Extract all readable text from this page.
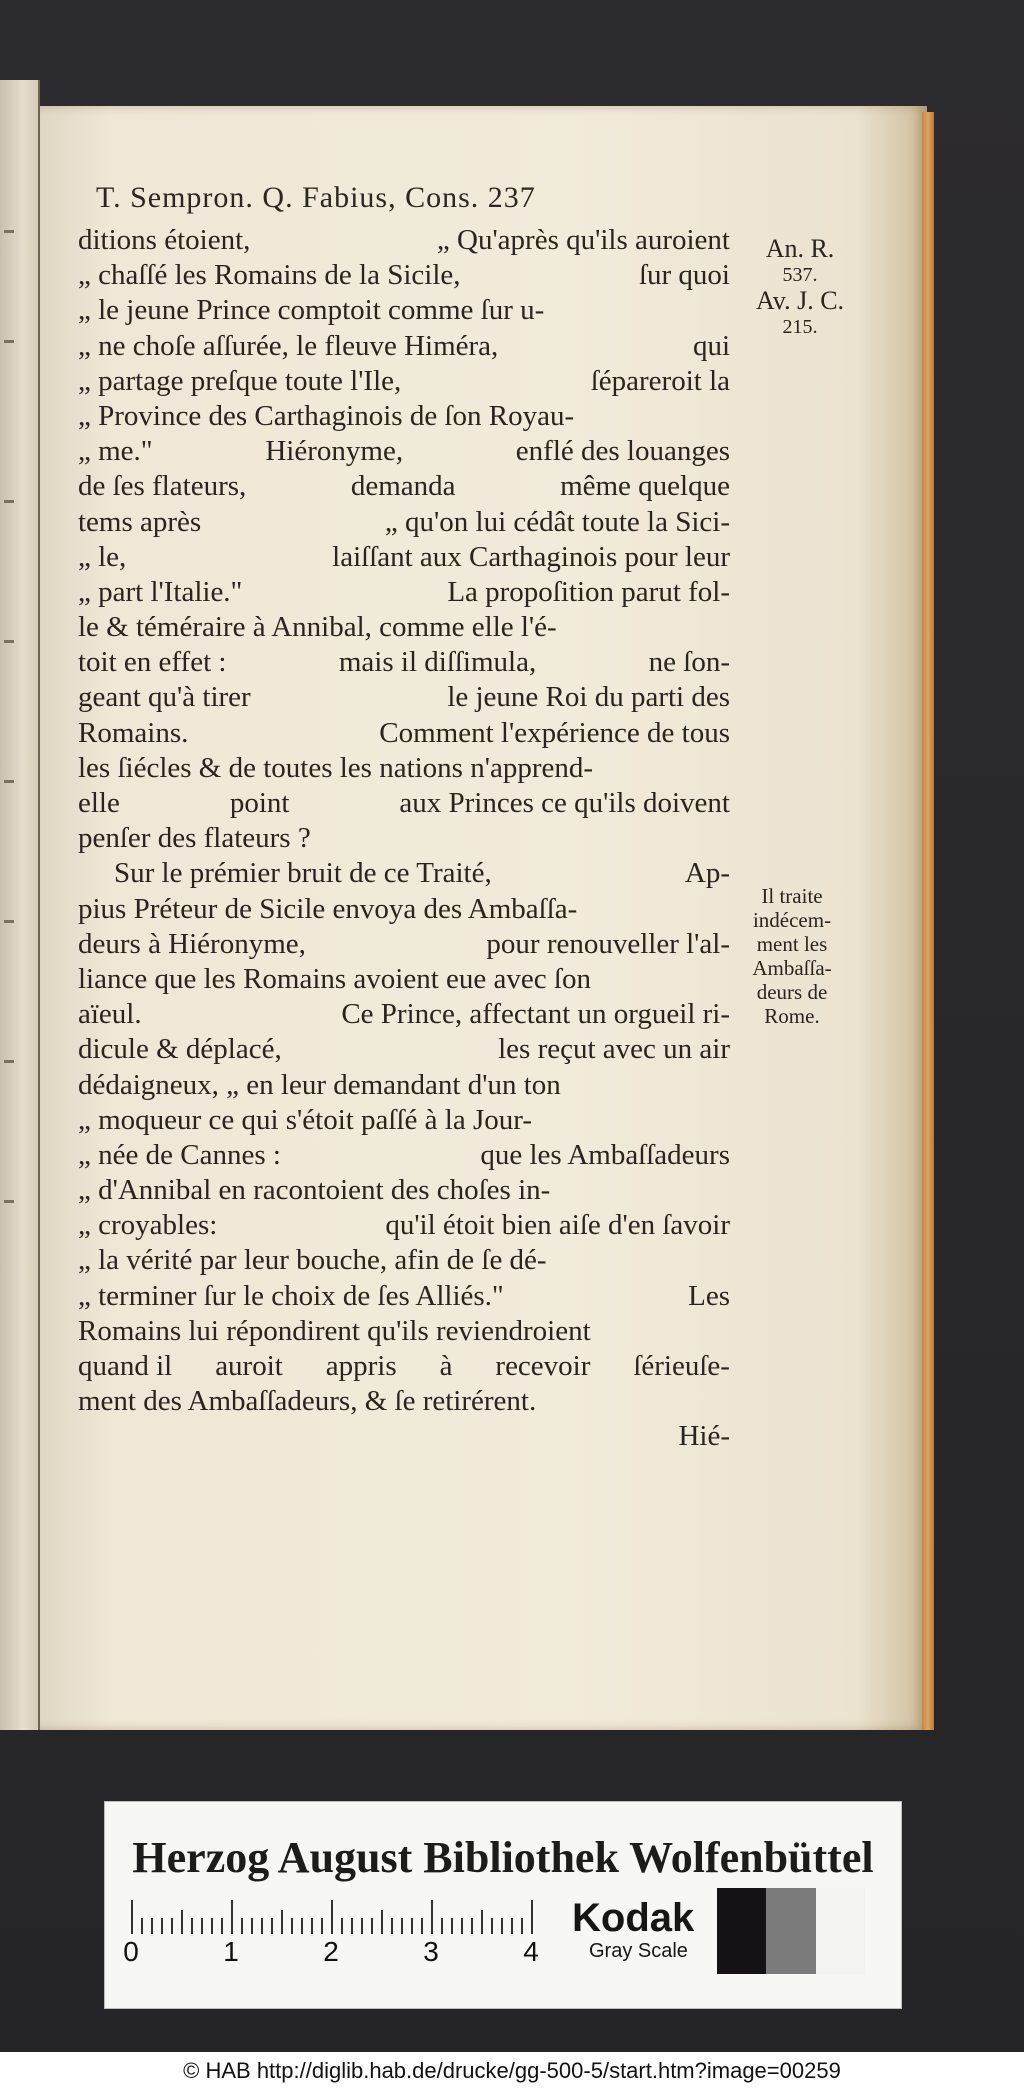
T. Sempron. Q. Fabius, Cons. 237
ditions étoient,	„ Qu'après qu'ils auroient
„ chaſſé les Romains de la Sicile,	ſur quoi
„ le jeune Prince comptoit comme ſur u-
„ ne choſe aſſurée, le fleuve Himéra,	qui
„ partage preſque toute l'Ile,	ſépareroit la
„ Province des Carthaginois de ſon Royau-
„ me."	Hiéronyme,	enflé des louanges
de ſes flateurs,	demanda	même quelque
tems après	„ qu'on lui cédât toute la Sici-
„ le,	laiſſant aux Carthaginois pour leur
„ part l'Italie."	La propoſition parut fol-
le & téméraire à Annibal, comme elle l'é-
toit en effet :	mais il diſſimula,	ne ſon-
geant qu'à tirer	le jeune Roi du parti des
Romains.	Comment l'expérience de tous
les ſiécles & de toutes les nations n'apprend-
elle	point	aux Princes ce qu'ils doivent
penſer des flateurs ?
Sur le prémier bruit de ce Traité,	Ap-
pius Préteur de Sicile envoya des Ambaſſa-
deurs à Hiéronyme,	pour renouveller l'al-
liance que les Romains avoient eue avec ſon
aïeul.	Ce Prince, affectant un orgueil ri-
dicule & déplacé,	les reçut avec un air
dédaigneux, „ en leur demandant d'un ton
„ moqueur ce qui s'étoit paſſé à la Jour-
„ née de Cannes :	que les Ambaſſadeurs
„ d'Annibal en racontoient des choſes in-
„ croyables:	qu'il étoit bien aiſe d'en ſavoir
„ la vérité par leur bouche, afin de ſe dé-
„ terminer ſur le choix de ſes Alliés."	Les
Romains lui répondirent qu'ils reviendroient
quand il auroit appris à recevoir ſérieuſe-
ment des Ambaſſadeurs, & ſe retirérent.
Hié-
An. R.
537.
Av. J. C.
215.
Il traite
indécem-
ment les
Ambaſſa-
deurs de
Rome.
Herzog August Bibliothek Wolfenbüttel
0	1	2	3	4
Kodak
Gray Scale
© HAB http://diglib.hab.de/drucke/gg-500-5/start.htm?image=00259
